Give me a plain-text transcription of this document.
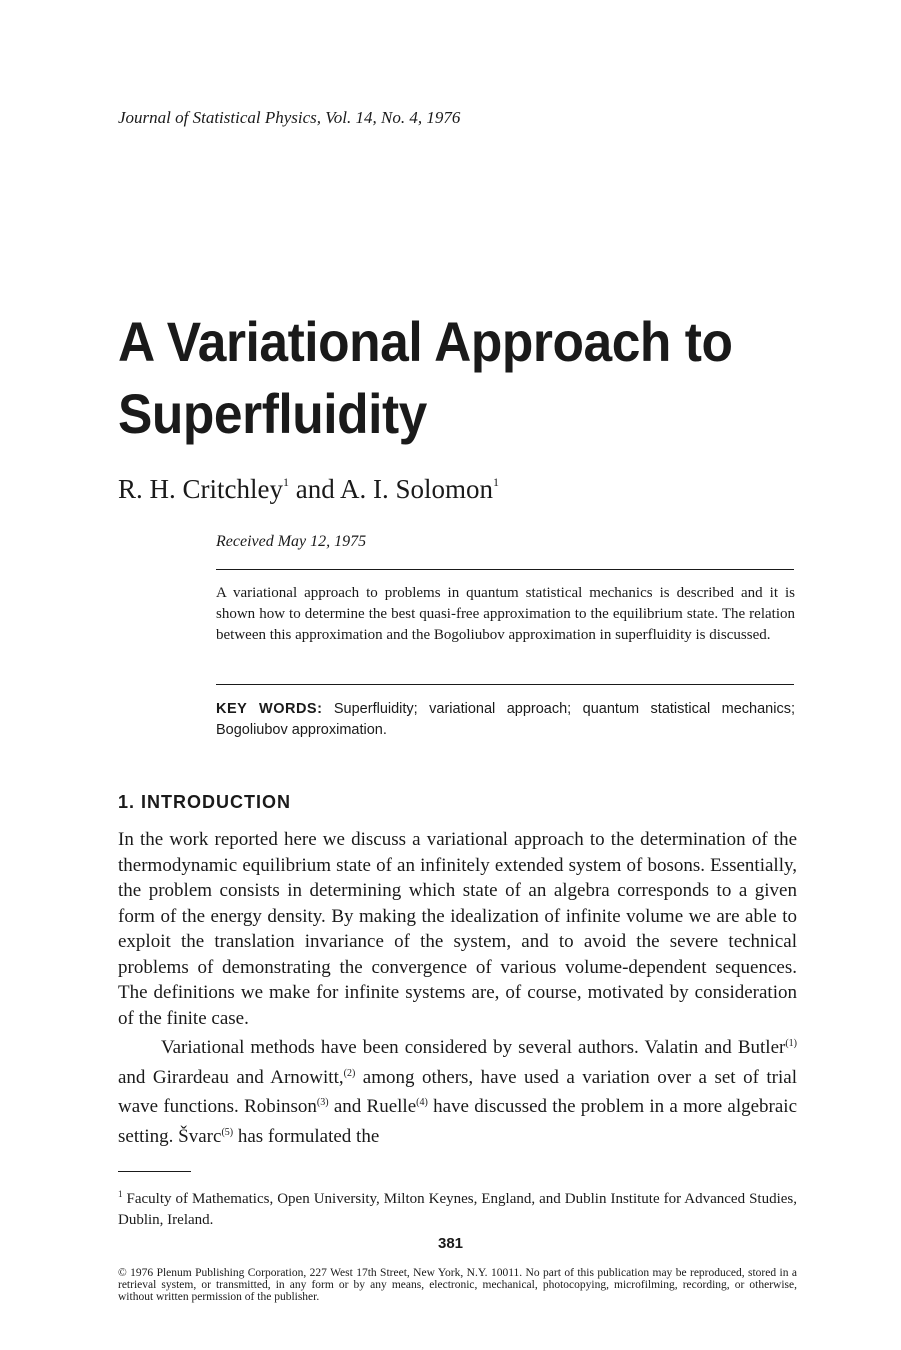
Journal of Statistical Physics, Vol. 14, No. 4, 1976
A Variational Approach to
Superfluidity
R. H. Critchley$^1$ and A. I. Solomon$^1$
Received May 12, 1975
A variational approach to problems in quantum statistical mechanics is described and it is shown how to determine the best quasi-free approximation to the equilibrium state. The relation between this approximation and the Bogoliubov approximation in superfluidity is discussed.
KEY WORDS: Superfluidity; variational approach; quantum statistical mechanics; Bogoliubov approximation.
1. INTRODUCTION

In the work reported here we discuss a variational approach to the determination of the thermodynamic equilibrium state of an infinitely extended system of bosons. Essentially, the problem consists in determining which state of an algebra corresponds to a given form of the energy density. By making the idealization of infinite volume we are able to exploit the translation invariance of the system, and to avoid the severe technical problems of demonstrating the convergence of various volume-dependent sequences. The definitions we make for infinite systems are, of course, motivated by consideration of the finite case.

Variational methods have been considered by several authors. Valatin and Butler$^{(1)}$ and Girardeau and Arnowitt,$^{(2)}$ among others, have used a variation over a set of trial wave functions. Robinson$^{(3)}$ and Ruelle$^{(4)}$ have discussed the problem in a more algebraic setting. Švarc$^{(5)}$ has formulated the

$^1$ Faculty of Mathematics, Open University, Milton Keynes, England, and Dublin Institute for Advanced Studies, Dublin, Ireland.
381
© 1976 Plenum Publishing Corporation, 227 West 17th Street, New York, N.Y. 10011. No part of this publication may be reproduced, stored in a retrieval system, or transmitted, in any form or by any means, electronic, mechanical, photocopying, microfilming, recording, or otherwise, without written permission of the publisher.
